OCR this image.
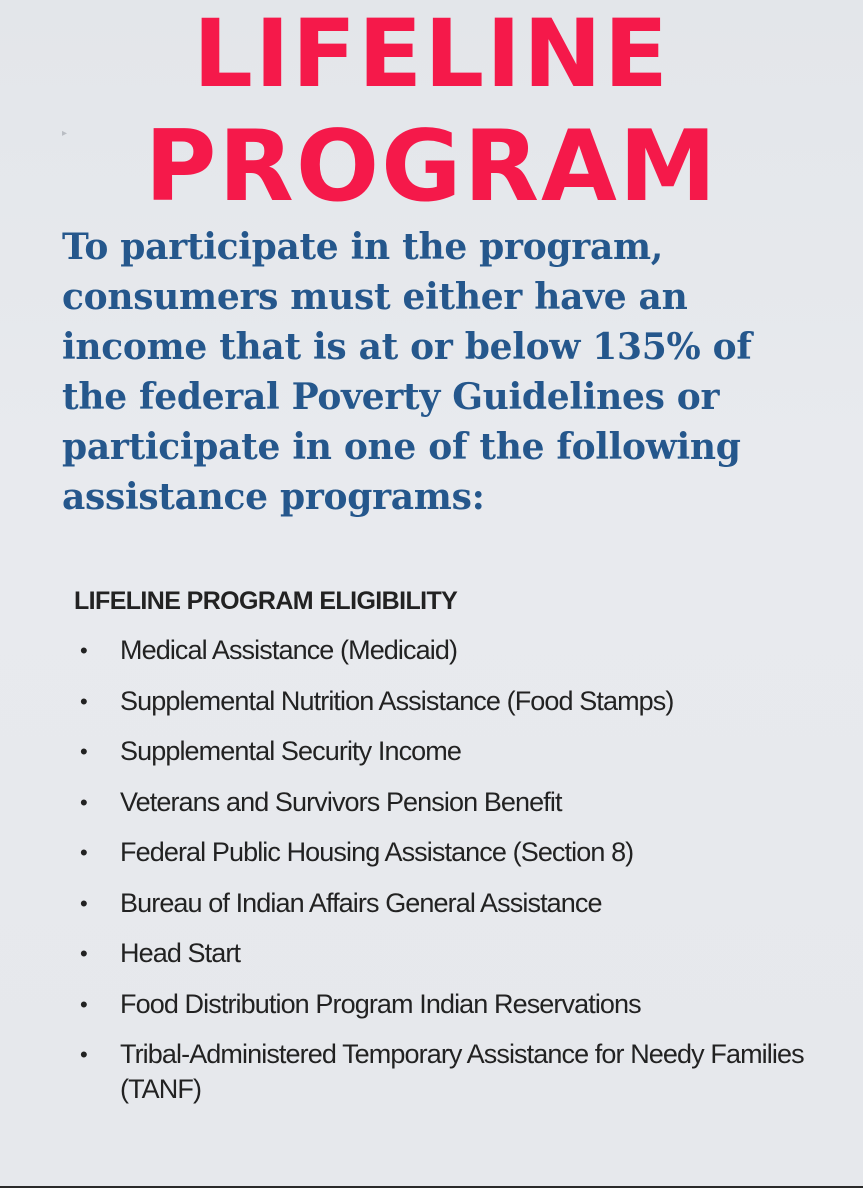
▸
LIFELINE
PROGRAM

To participate in the program, consumers must either have an income that is at or below 135% of the federal Poverty Guidelines or participate in one of the following assistance programs:

LIFELINE PROGRAM ELIGIBILITY
• Medical Assistance (Medicaid)
• Supplemental Nutrition Assistance (Food Stamps)
• Supplemental Security Income
• Veterans and Survivors Pension Benefit
• Federal Public Housing Assistance (Section 8)
• Bureau of Indian Affairs General Assistance
• Head Start
• Food Distribution Program Indian Reservations
• Tribal-Administered Temporary Assistance for Needy Families (TANF)
